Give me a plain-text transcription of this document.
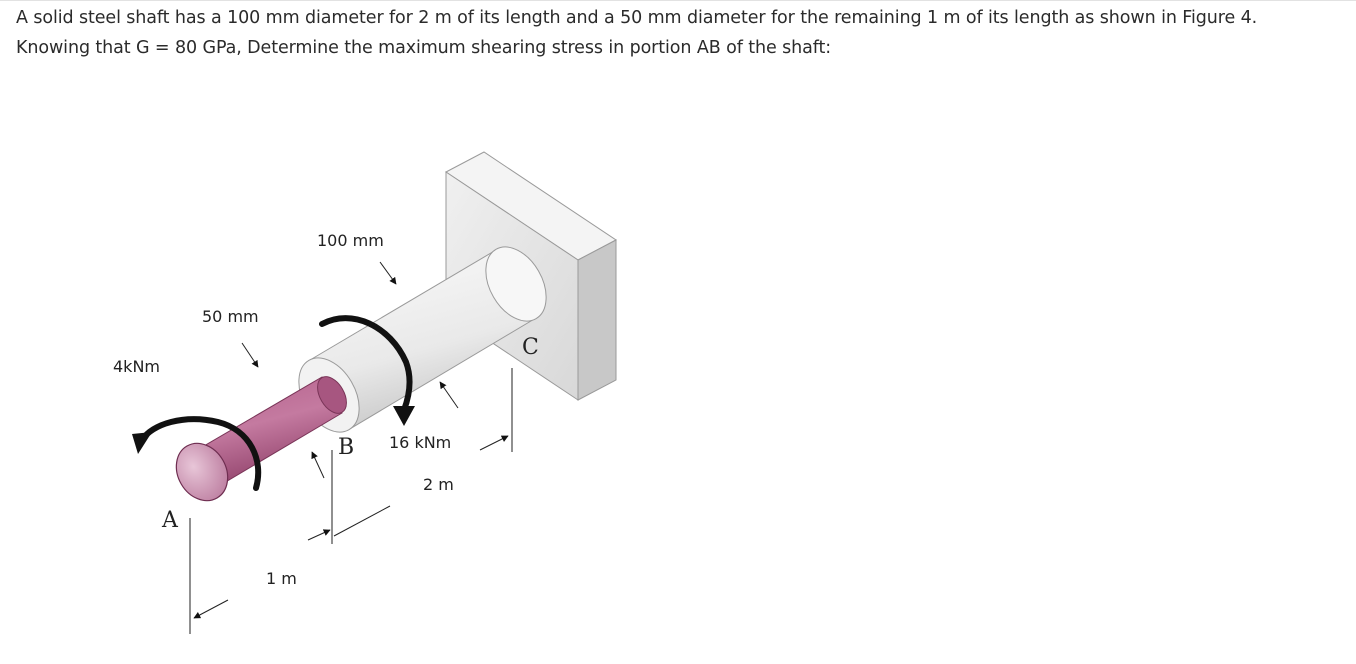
A solid steel shaft has a 100 mm diameter for 2 m of its length and a 50 mm diameter for the remaining 1 m of its length as shown in Figure 4.

Knowing that G = 80 GPa, Determine the maximum shearing stress in portion AB of the shaft:

100 mm
50 mm
4kNm
16 kNm
A
B
C
2 m
1 m
